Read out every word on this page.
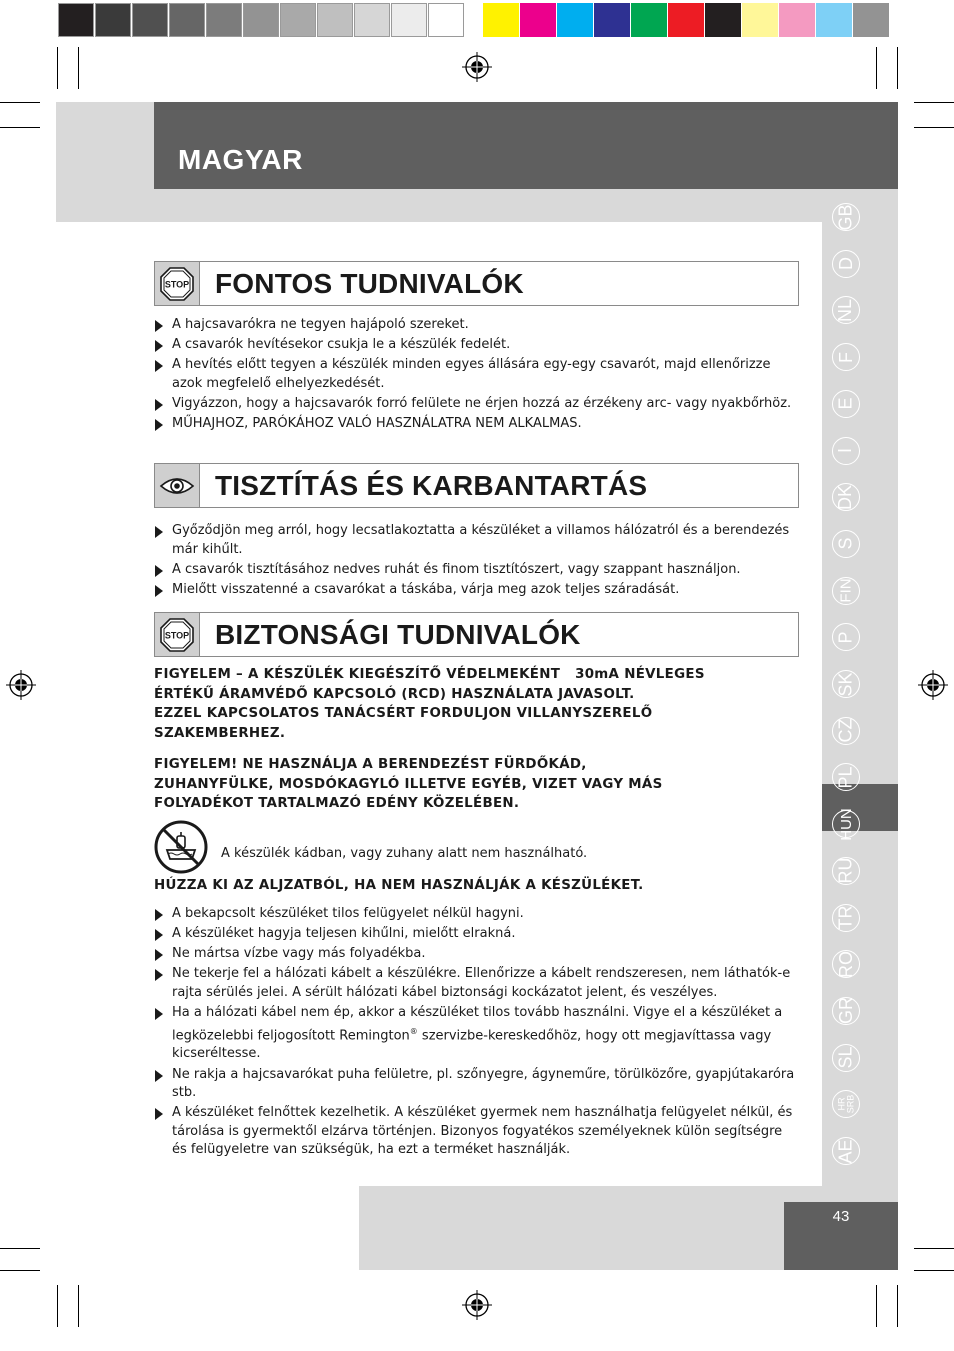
MAGYAR
GB
D
NL
F
E
I
DK
S
FIN
P
SK
CZ
PL
HUN
RU
TR
RO
GR
SL
HR
SRB
AE
STOP FONTOS TUDNIVALÓK
A hajcsavarókra ne tegyen hajápoló szereket.
A csavarók hevítésekor csukja le a készülék fedelét.
A hevítés előtt tegyen a készülék minden egyes állására egy-egy csavarót, majd ellenőrizze azok megfelelő elhelyezkedését.
Vigyázzon, hogy a hajcsavarók forró felülete ne érjen hozzá az érzékeny arc- vagy nyakbőrhöz.
MŰHAJHOZ, PARÓKÁHOZ VALÓ HASZNÁLATRA NEM ALKALMAS.
TISZTÍTÁS ÉS KARBANTARTÁS
Győződjön meg arról, hogy lecsatlakoztatta a készüléket a villamos hálózatról és a berendezés már kihűlt.
A csavarók tisztításához nedves ruhát és finom tisztítószert, vagy szappant használjon.
Mielőtt visszatenné a csavarókat a táskába, várja meg azok teljes száradását.
STOP BIZTONSÁGI TUDNIVALÓK
FIGYELEM – A KÉSZÜLÉK KIEGÉSZÍTŐ VÉDELMEKÉNT   30mA NÉVLEGES
ÉRTÉKŰ ÁRAMVÉDŐ KAPCSOLÓ (RCD) HASZNÁLATA JAVASOLT.
EZZEL KAPCSOLATOS TANÁCSÉRT FORDULJON VILLANYSZERELŐ
SZAKEMBERHEZ.
FIGYELEM! NE HASZNÁLJA A BERENDEZÉST FÜRDŐKÁD,
ZUHANYFÜLKE, MOSDÓKAGYLÓ ILLETVE EGYÉB, VIZET VAGY MÁS
FOLYADÉKOT TARTALMAZÓ EDÉNY KÖZELÉBEN.
A készülék kádban, vagy zuhany alatt nem használható.
HÚZZA KI AZ ALJZATBÓL, HA NEM HASZNÁLJÁK A KÉSZÜLÉKET.
A bekapcsolt készüléket tilos felügyelet nélkül hagyni.
A készüléket hagyja teljesen kihűlni, mielőtt elrakná.
Ne mártsa vízbe vagy más folyadékba.
Ne tekerje fel a hálózati kábelt a készülékre. Ellenőrizze a kábelt rendszeresen, nem láthatók-e rajta sérülés jelei. A sérült hálózati kábel biztonsági kockázatot jelent, és veszélyes.
Ha a hálózati kábel nem ép, akkor a készüléket tilos tovább használni. Vigye el a készüléket a legközelebbi feljogosított Remington® szervizbe-kereskedőhöz, hogy ott megjavíttassa vagy kicseréltesse.
Ne rakja a hajcsavarókat puha felületre, pl. szőnyegre, ágyneműre, törülközőre, gyapjútakaróra stb.
A készüléket felnőttek kezelhetik. A készüléket gyermek nem használhatja felügyelet nélkül, és tárolása is gyermektől elzárva történjen. Bizonyos fogyatékos személyeknek külön segítségre és felügyeletre van szükségük, ha ezt a terméket használják.
43
